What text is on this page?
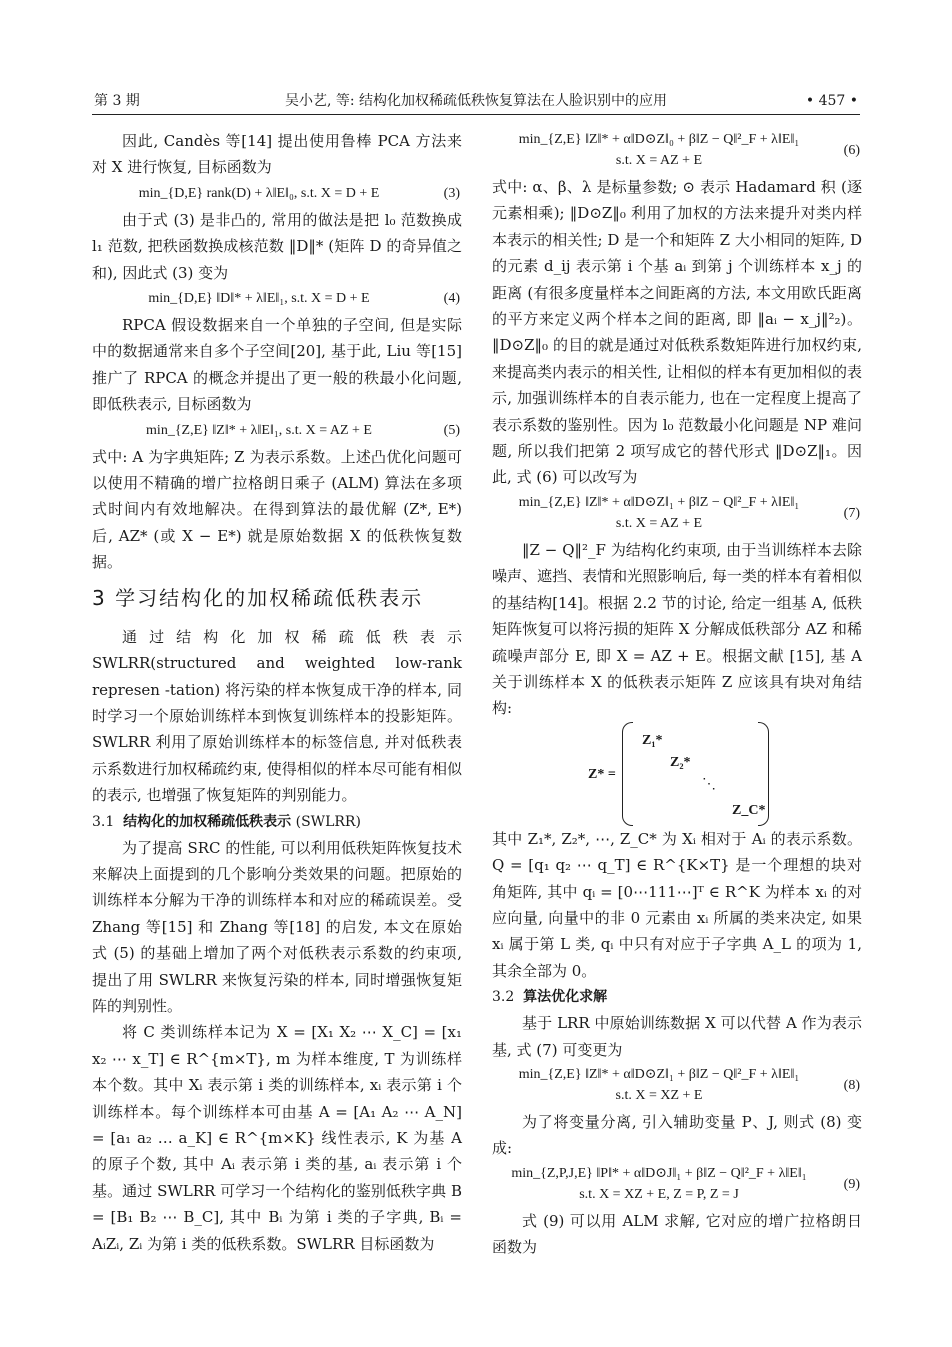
第 3 期	吴小艺, 等: 结构化加权稀疏低秩恢复算法在人脸识别中的应用	• 457 •

因此, Candès 等[14] 提出使用鲁棒 PCA 方法来对 X 进行恢复, 目标函数为

min_{D,E} rank(D) + λ‖E‖₀, s.t. X = D + E	(3)

由于式 (3) 是非凸的, 常用的做法是把 l₀ 范数换成 l₁ 范数, 把秩函数换成核范数 ‖D‖* (矩阵 D 的奇异值之和), 因此式 (3) 变为

min_{D,E} ‖D‖* + λ‖E‖₁, s.t. X = D + E	(4)

RPCA 假设数据来自一个单独的子空间, 但是实际中的数据通常来自多个子空间[20], 基于此, Liu 等[15] 推广了 RPCA 的概念并提出了更一般的秩最小化问题, 即低秩表示, 目标函数为

min_{Z,E} ‖Z‖* + λ‖E‖₁, s.t. X = AZ + E	(5)

式中: A 为字典矩阵; Z 为表示系数。上述凸优化问题可以使用不精确的增广拉格朗日乘子 (ALM) 算法在多项式时间内有效地解决。在得到算法的最优解 (Z*, E*) 后, AZ* (或 X − E*) 就是原始数据 X 的低秩恢复数据。

3 学习结构化的加权稀疏低秩表示

通过结构化加权稀疏低秩表示 SWLRR(structured and weighted low-rank represen -tation) 将污染的样本恢复成干净的样本, 同时学习一个原始训练样本到恢复训练样本的投影矩阵。SWLRR 利用了原始训练样本的标签信息, 并对低秩表示系数进行加权稀疏约束, 使得相似的样本尽可能有相似的表示, 也增强了恢复矩阵的判别能力。

3.1 结构化的加权稀疏低秩表示 (SWLRR)

为了提高 SRC 的性能, 可以利用低秩矩阵恢复技术来解决上面提到的几个影响分类效果的问题。把原始的训练样本分解为干净的训练样本和对应的稀疏误差。受 Zhang 等[15] 和 Zhang 等[18] 的启发, 本文在原始式 (5) 的基础上增加了两个对低秩表示系数的约束项, 提出了用 SWLRR 来恢复污染的样本, 同时增强恢复矩阵的判别性。

将 C 类训练样本记为 X = [X₁ X₂ ⋯ X_C] = [x₁ x₂ ⋯ x_T] ∈ R^{m×T}, m 为样本维度, T 为训练样本个数。其中 Xᵢ 表示第 i 类的训练样本, xᵢ 表示第 i 个训练样本。每个训练样本可由基 A = [A₁ A₂ ⋯ A_N] = [a₁ a₂ … a_K] ∈ R^{m×K} 线性表示, K 为基 A 的原子个数, 其中 Aᵢ 表示第 i 类的基, aᵢ 表示第 i 个基。通过 SWLRR 可学习一个结构化的鉴别低秩字典 B = [B₁ B₂ ⋯ B_C], 其中 Bᵢ 为第 i 类的子字典, Bᵢ = AᵢZᵢ, Zᵢ 为第 i 类的低秩系数。SWLRR 目标函数为

min_{Z,E} ‖Z‖* + α‖D⊙Z‖₀ + β‖Z − Q‖²_F + λ‖E‖₁
s.t. X = AZ + E
(6)

式中: α、β、λ 是标量参数; ⊙ 表示 Hadamard 积 (逐元素相乘); ‖D⊙Z‖₀ 利用了加权的方法来提升对类内样本表示的相关性; D 是一个和矩阵 Z 大小相同的矩阵, D 的元素 d_ij 表示第 i 个基 aᵢ 到第 j 个训练样本 x_j 的距离 (有很多度量样本之间距离的方法, 本文用欧氏距离的平方来定义两个样本之间的距离, 即 ‖aᵢ − x_j‖²₂)。‖D⊙Z‖₀ 的目的就是通过对低秩系数矩阵进行加权约束, 来提高类内表示的相关性, 让相似的样本有更加相似的表示, 加强训练样本的自表示能力, 也在一定程度上提高了表示系数的鉴别性。因为 l₀ 范数最小化问题是 NP 难问题, 所以我们把第 2 项写成它的替代形式 ‖D⊙Z‖₁。因此, 式 (6) 可以改写为

min_{Z,E} ‖Z‖* + α‖D⊙Z‖₁ + β‖Z − Q‖²_F + λ‖E‖₁
s.t. X = AZ + E
(7)

‖Z − Q‖²_F 为结构化约束项, 由于当训练样本去除噪声、遮挡、表情和光照影响后, 每一类的样本有着相似的基结构[14]。根据 2.2 节的讨论, 给定一组基 A, 低秩矩阵恢复可以将污损的矩阵 X 分解成低秩部分 AZ 和稀疏噪声部分 E, 即 X = AZ + E。根据文献 [15], 基 A 关于训练样本 X 的低秩表示矩阵 Z 应该具有块对角结构:

Z* =
Z₁*
Z₂*
⋱
Z_C*

其中 Z₁*, Z₂*, ⋯, Z_C* 为 Xᵢ 相对于 Aᵢ 的表示系数。Q = [q₁ q₂ ⋯ q_T] ∈ R^{K×T} 是一个理想的块对角矩阵, 其中 qᵢ = [0⋯111⋯]ᵀ ∈ R^K 为样本 xᵢ 的对应向量, 向量中的非 0 元素由 xᵢ 所属的类来决定, 如果 xᵢ 属于第 L 类, qᵢ 中只有对应于子字典 A_L 的项为 1, 其余全部为 0。

3.2 算法优化求解

基于 LRR 中原始训练数据 X 可以代替 A 作为表示基, 式 (7) 可变更为

min_{Z,E} ‖Z‖* + α‖D⊙Z‖₁ + β‖Z − Q‖²_F + λ‖E‖₁
s.t. X = XZ + E
(8)

为了将变量分离, 引入辅助变量 P、J, 则式 (8) 变成:

min_{Z,P,J,E} ‖P‖* + α‖D⊙J‖₁ + β‖Z − Q‖²_F + λ‖E‖₁
s.t. X = XZ + E, Z = P, Z = J
(9)

式 (9) 可以用 ALM 求解, 它对应的增广拉格朗日函数为
